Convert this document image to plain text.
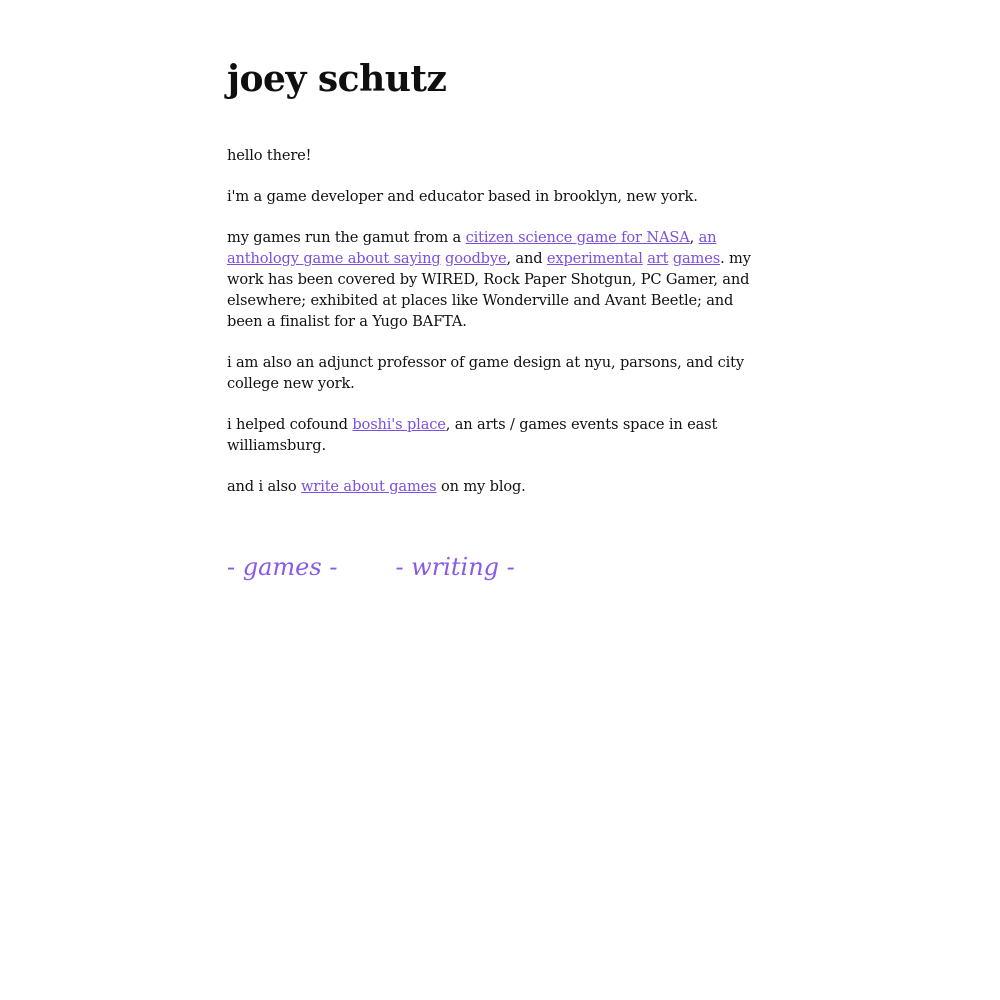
joey schutz

hello there!

i'm a game developer and educator based in brooklyn, new york.

my games run the gamut from a citizen science game for NASA, an anthology game about saying goodbye, and experimental art games. my work has been covered by WIRED, Rock Paper Shotgun, PC Gamer, and elsewhere; exhibited at places like Wonderville and Avant Beetle; and been a finalist for a Yugo BAFTA.

i am also an adjunct professor of game design at nyu, parsons, and city college new york.

i helped cofound boshi's place, an arts / games events space in east williamsburg.

and i also write about games on my blog.

- games - - writing -
